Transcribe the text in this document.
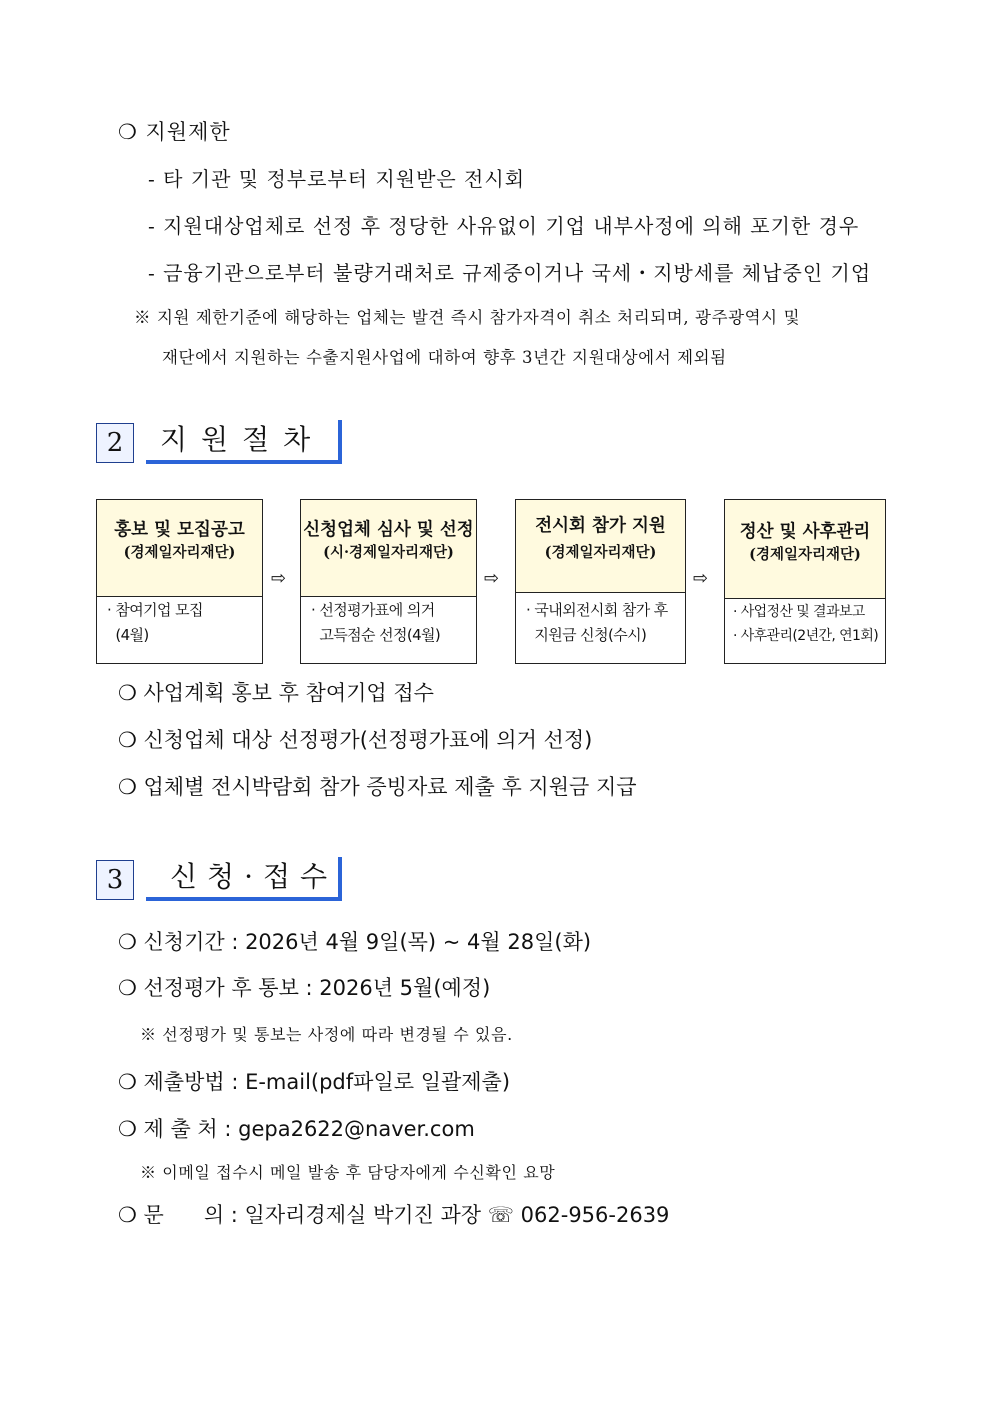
❍ 지원제한
- 타 기관 및 정부로부터 지원받은 전시회
- 지원대상업체로 선정 후 정당한 사유없이 기업 내부사정에 의해 포기한 경우
- 금융기관으로부터 불량거래처로 규제중이거나 국세・지방세를 체납중인 기업
※ 지원 제한기준에 해당하는 업체는 발견 즉시 참가자격이 취소 처리되며, 광주광역시 및
재단에서 지원하는 수출지원사업에 대하여 향후 3년간 지원대상에서 제외됨
2	지원절차
홍보 및 모집공고
(경제일자리재단)
· 참여기업 모집
(4월)
⇨
신청업체 심사 및 선정
(시·경제일자리재단)
· 선정평가표에 의거
고득점순 선정(4월)
⇨
전시회 참가 지원
(경제일자리재단)
· 국내외전시회 참가 후
지원금 신청(수시)
⇨
정산 및 사후관리
(경제일자리재단)
· 사업정산 및 결과보고
· 사후관리(2년간, 연1회)
❍ 사업계획 홍보 후 참여기업 접수
❍ 신청업체 대상 선정평가(선정평가표에 의거 선정)
❍ 업체별 전시박람회 참가 증빙자료 제출 후 지원금 지급
3	신청·접수
❍ 신청기간 : 2026년 4월 9일(목) ~ 4월 28일(화)
❍ 선정평가 후 통보 : 2026년 5월(예정)
※ 선정평가 및 통보는 사정에 따라 변경될 수 있음.
❍ 제출방법 : E-mail(pdf파일로 일괄제출)
❍ 제 출 처 : gepa2622@naver.com
※ 이메일 접수시 메일 발송 후 담당자에게 수신확인 요망
❍ 문      의 : 일자리경제실 박기진 과장 ☏ 062-956-2639
